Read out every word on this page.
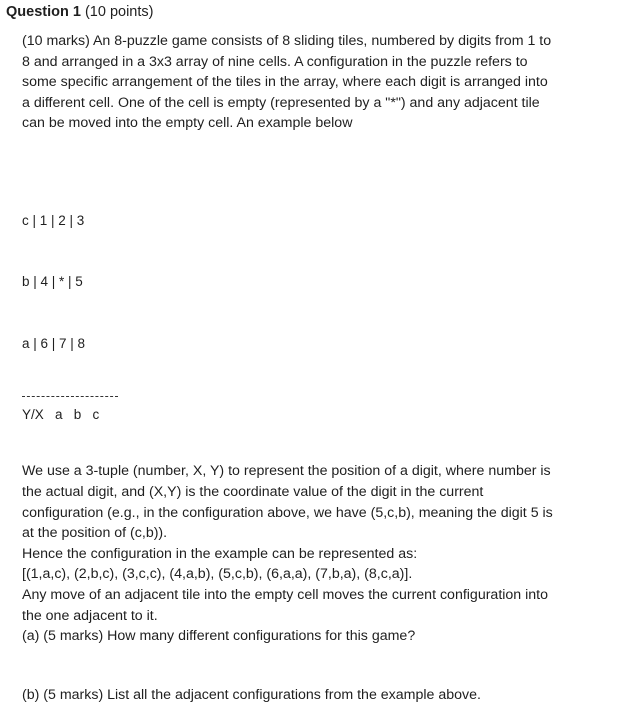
Question 1 (10 points)

(10 marks) An 8-puzzle game consists of 8 sliding tiles, numbered by digits from 1 to
8 and arranged in a 3x3 array of nine cells. A configuration in the puzzle refers to
some specific arrangement of the tiles in the array, where each digit is arranged into
a different cell. One of the cell is empty (represented by a "*") and any adjacent tile
can be moved into the empty cell. An example below

c | 1 | 2 | 3

b | 4 | * | 5

a | 6 | 7 | 8

Y/X   a   b   c

We use a 3-tuple (number, X, Y) to represent the position of a digit, where number is
the actual digit, and (X,Y) is the coordinate value of the digit in the current
configuration (e.g., in the configuration above, we have (5,c,b), meaning the digit 5 is
at the position of (c,b)).
Hence the configuration in the example can be represented as:
[(1,a,c), (2,b,c), (3,c,c), (4,a,b), (5,c,b), (6,a,a), (7,b,a), (8,c,a)].
Any move of an adjacent tile into the empty cell moves the current configuration into
the one adjacent to it.
(a) (5 marks) How many different configurations for this game?

(b) (5 marks) List all the adjacent configurations from the example above.
